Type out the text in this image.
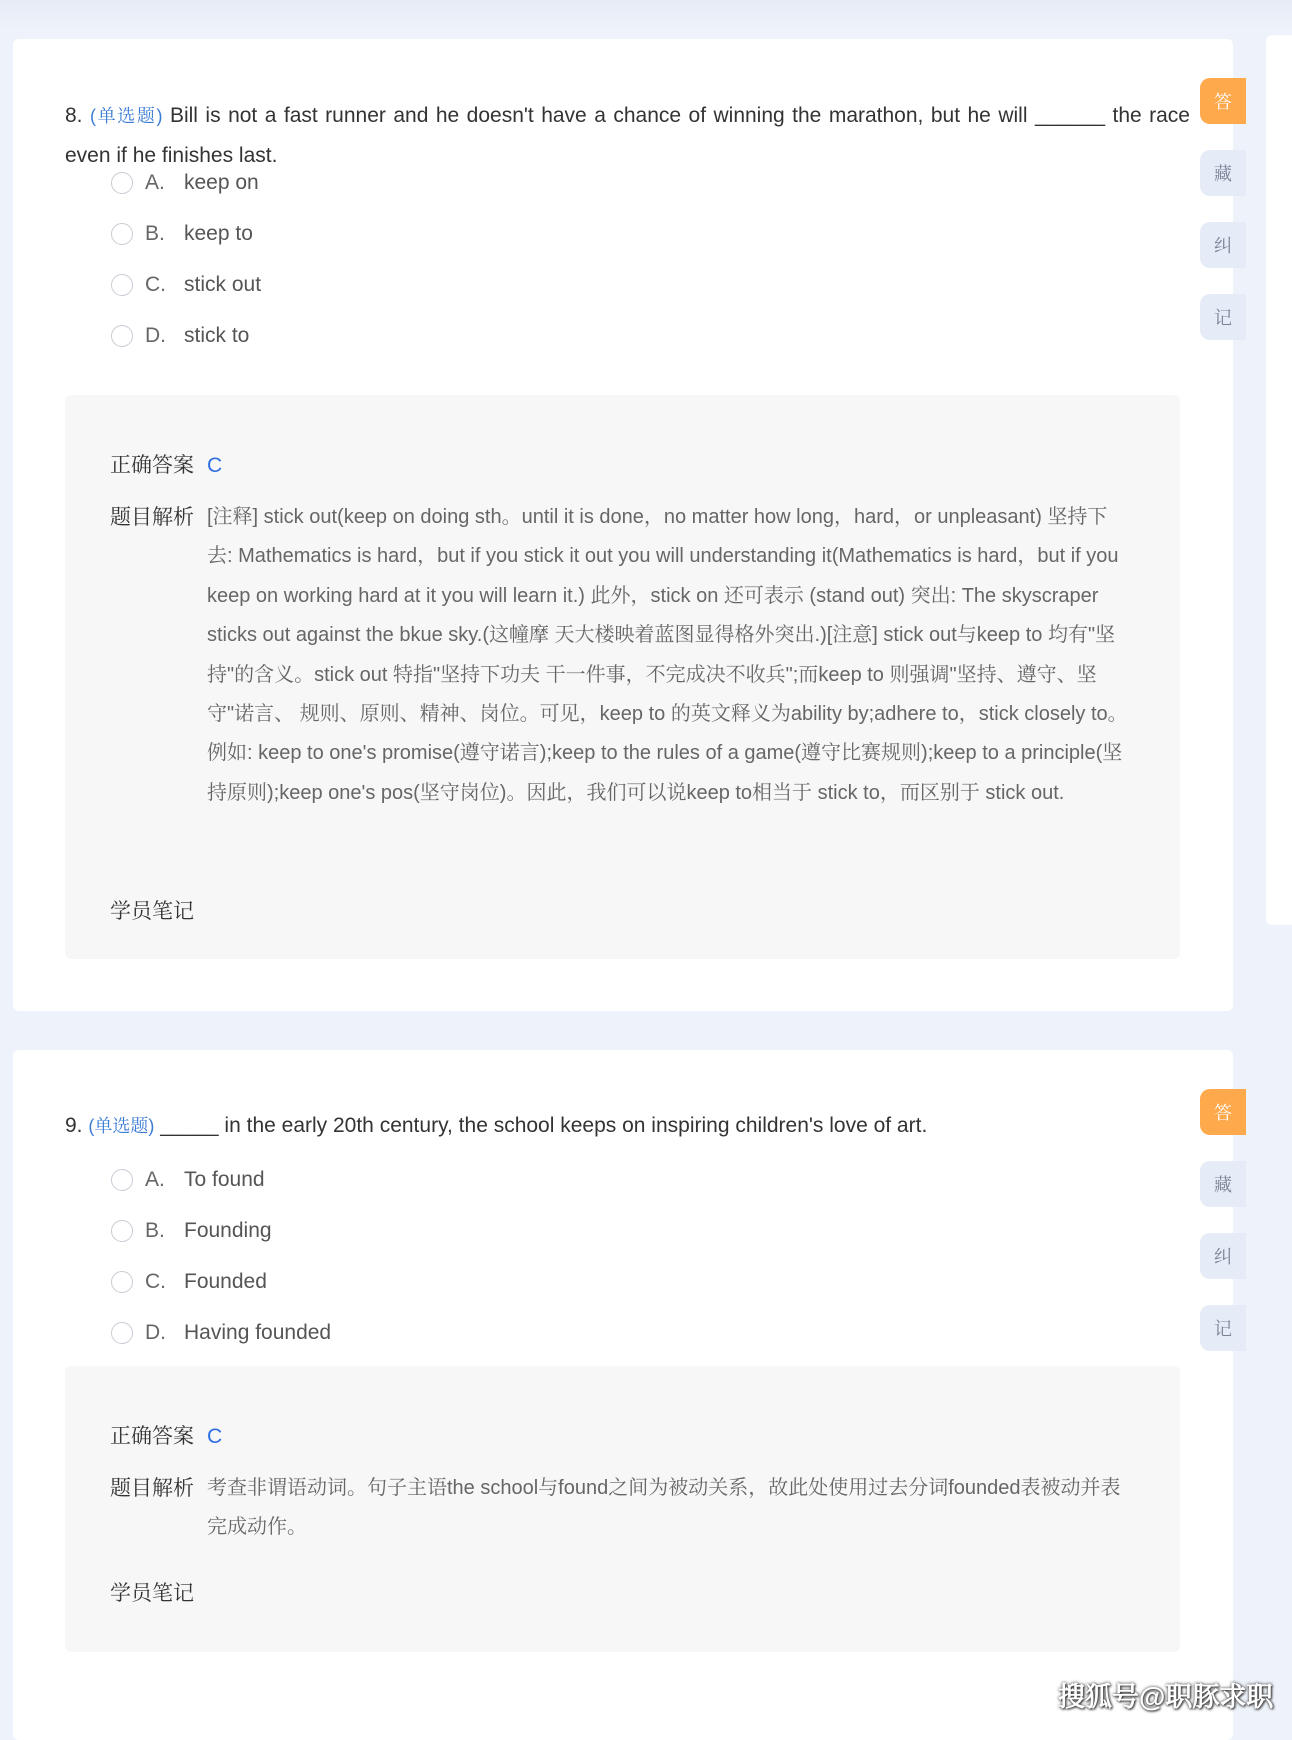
8. (单选题) Bill is not a fast runner and he doesn't have a chance of winning the marathon, but he will ______ the race even if he finishes last.

A. keep on
B. keep to
C. stick out
D. stick to
正确答案 C
题目解析 [注释] stick out(keep on doing sth。until it is done，no matter how long，hard，or unpleasant) 坚持下去: Mathematics is hard，but if you stick it out you will understanding it(Mathematics is hard，but if you keep on working hard at it you will learn it.) 此外，stick on 还可表示 (stand out) 突出: The skyscraper sticks out against the bkue sky.(这幢摩 天大楼映着蓝图显得格外突出.)[注意] stick out与keep to 均有"坚持"的含义。stick out 特指"坚持下功夫 干一件事，不完成决不收兵";而keep to 则强调"坚持、遵守、坚守"诺言、 规则、原则、精神、岗位。可见，keep to 的英文释义为ability by;adhere to，stick closely to。例如: keep to one's promise(遵守诺言);keep to the rules of a game(遵守比赛规则);keep to a principle(坚持原则);keep one's pos(坚守岗位)。因此，我们可以说keep to相当于 stick to，而区别于 stick out.

学员笔记
答
藏
纠
记

9. (单选题) _____ in the early 20th century, the school keeps on inspiring children's love of art.

A. To found
B. Founding
C. Founded
D. Having founded
正确答案 C
题目解析 考查非谓语动词。句子主语the school与found之间为被动关系，故此处使用过去分词founded表被动并表完成动作。

学员笔记
答
藏
纠
记
搜狐号@职豚求职
